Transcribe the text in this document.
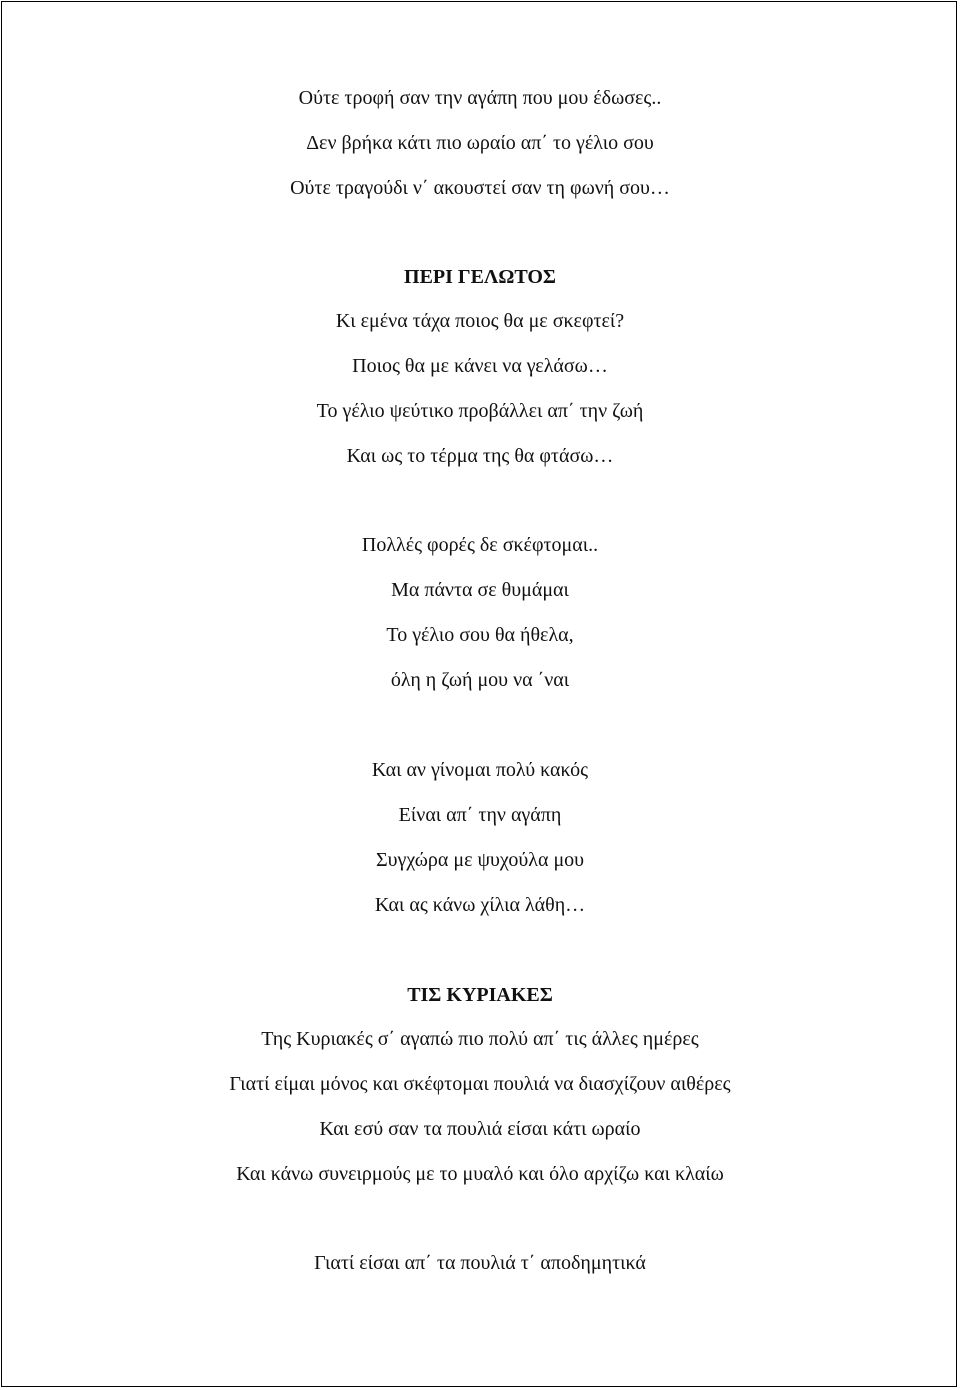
Ούτε τροφή σαν την αγάπη που μου έδωσες..
Δεν βρήκα κάτι πιο ωραίο απ΄ το γέλιο σου
Ούτε τραγούδι ν΄ ακουστεί σαν τη φωνή σου…
ΠΕΡΙ ΓΕΛΩΤΟΣ
Κι εμένα τάχα ποιος θα με σκεφτεί?
Ποιος θα με κάνει να γελάσω…
Το γέλιο ψεύτικο προβάλλει απ΄ την ζωή
Και ως το τέρμα της θα φτάσω…
Πολλές φορές δε σκέφτομαι..
Μα πάντα σε θυμάμαι
Το γέλιο σου θα ήθελα,
όλη η ζωή μου να ΄ναι
Και αν γίνομαι πολύ κακός
Είναι απ΄ την αγάπη
Συγχώρα με ψυχούλα μου
Και ας κάνω χίλια λάθη…
ΤΙΣ ΚΥΡΙΑΚΕΣ
Της Κυριακές σ΄ αγαπώ πιο πολύ απ΄ τις άλλες ημέρες
Γιατί είμαι μόνος και σκέφτομαι πουλιά να διασχίζουν αιθέρες
Και εσύ σαν τα πουλιά είσαι κάτι ωραίο
Και κάνω συνειρμούς με το μυαλό και όλο αρχίζω και κλαίω
Γιατί είσαι απ΄ τα πουλιά τ΄ αποδημητικά
